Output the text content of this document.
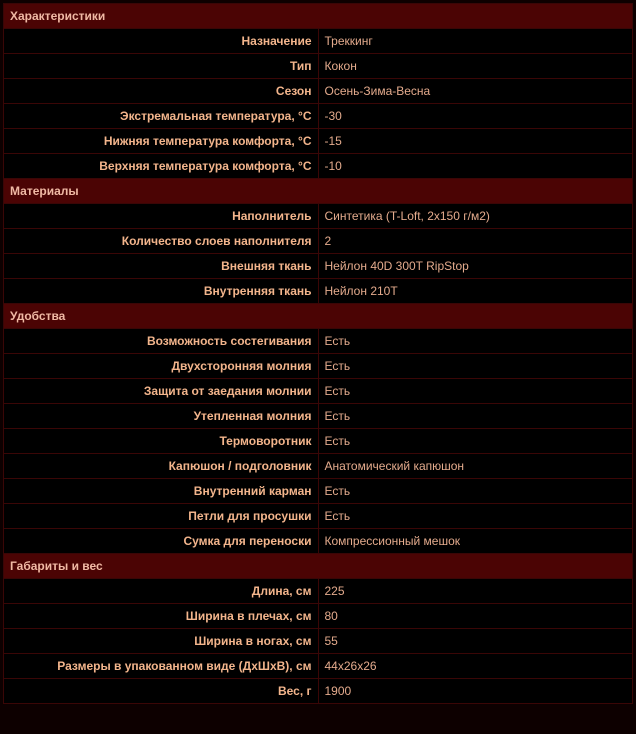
Характеристики	
Назначение	Треккинг
Тип	Кокон
Сезон	Осень-Зима-Весна
Экстремальная температура, °C	-30
Нижняя температура комфорта, °C	-15
Верхняя температура комфорта, °C	-10
Материалы	
Наполнитель	Синтетика (T-Loft, 2х150 г/м2)
Количество слоев наполнителя	2
Внешняя ткань	Нейлон 40D 300T RipStop
Внутренняя ткань	Нейлон 210T
Удобства	
Возможность состегивания	Есть
Двухсторонняя молния	Есть
Защита от заедания молнии	Есть
Утепленная молния	Есть
Термоворотник	Есть
Капюшон / подголовник	Анатомический капюшон
Внутренний карман	Есть
Петли для просушки	Есть
Сумка для переноски	Компрессионный мешок
Габариты и вес	
Длина, см	225
Ширина в плечах, см	80
Ширина в ногах, см	55
Размеры в упакованном виде (ДхШхВ), см	44x26x26
Вес, г	1900
